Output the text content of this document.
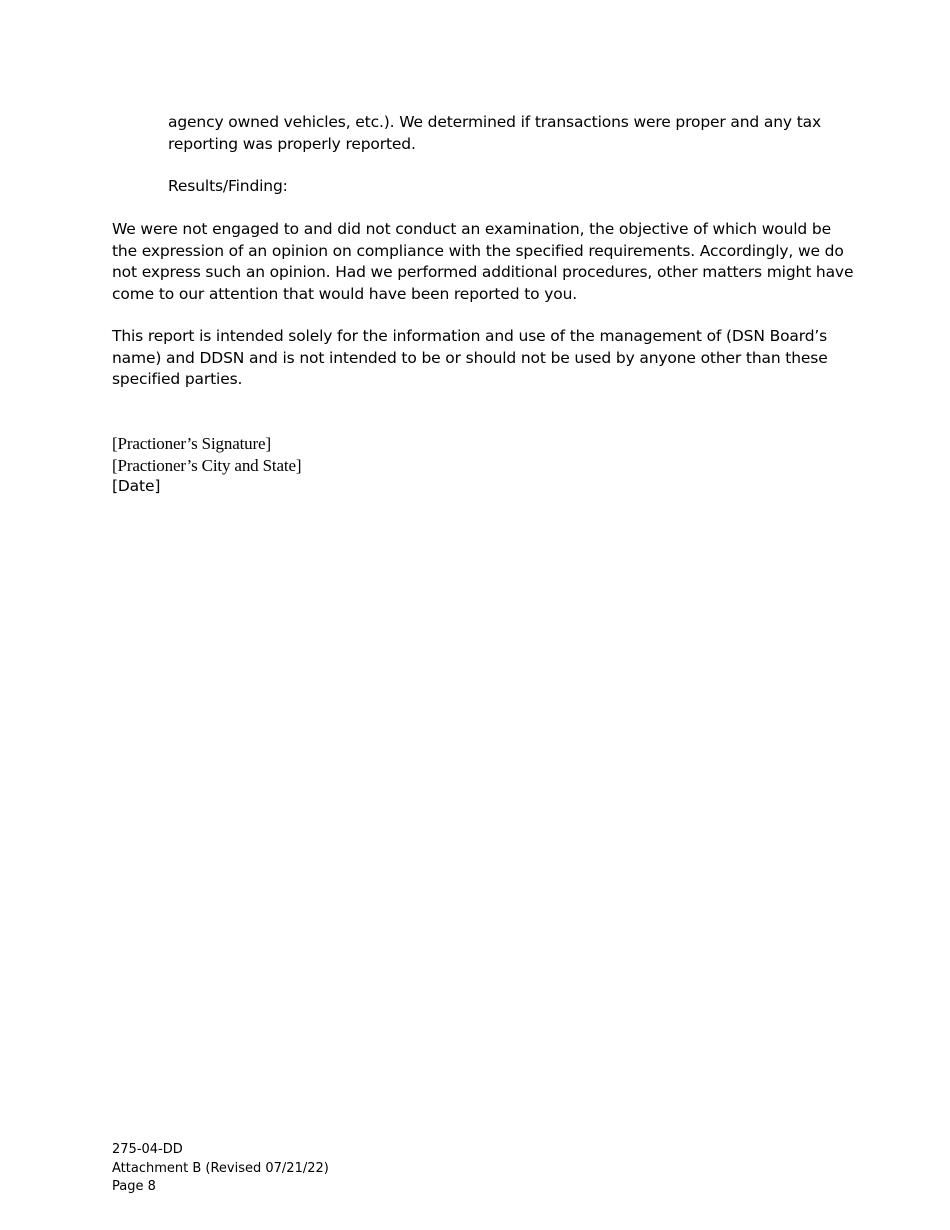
agency owned vehicles, etc.). We determined if transactions were proper and any tax
reporting was properly reported.
Results/Finding:
We were not engaged to and did not conduct an examination, the objective of which would be
the expression of an opinion on compliance with the specified requirements. Accordingly, we do
not express such an opinion. Had we performed additional procedures, other matters might have
come to our attention that would have been reported to you.
This report is intended solely for the information and use of the management of (DSN Board’s
name) and DDSN and is not intended to be or should not be used by anyone other than these
specified parties.
[Practioner’s Signature]
[Practioner’s City and State]
[Date]
275-04-DD
Attachment B (Revised 07/21/22)
Page 8
